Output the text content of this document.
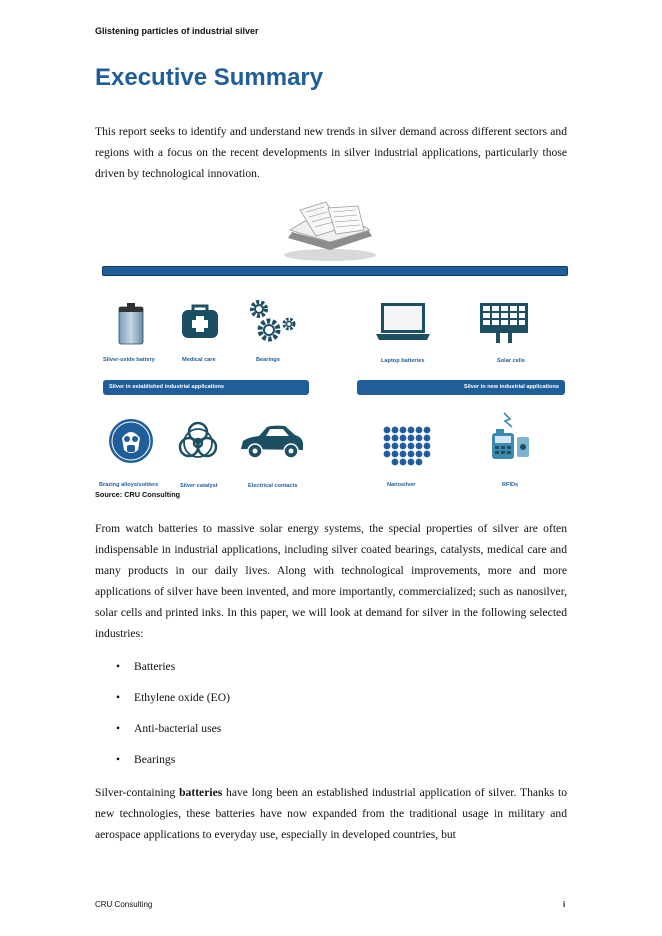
Glistening particles of industrial silver
Executive Summary

This report seeks to identify and understand new trends in silver demand across different sectors and regions with a focus on the recent developments in silver industrial applications, particularly those driven by technological innovation.

Silver-oxide battery	Medical care	Bearings	Laptop batteries	Solar cells
Silver in established industrial applications	Silver in new industrial applications
Brazing alloys/solders	Silver catalyst	Electrical contacts	Nanosilver	RFIDs
Source: CRU Consulting

From watch batteries to massive solar energy systems, the special properties of silver are often indispensable in industrial applications, including silver coated bearings, catalysts, medical care and many products in our daily lives. Along with technological improvements, more and more applications of silver have been invented, and more importantly, commercialized; such as nanosilver, solar cells and printed inks. In this paper, we will look at demand for silver in the following selected industries:

• Batteries
• Ethylene oxide (EO)
• Anti-bacterial uses
• Bearings

Silver-containing batteries have long been an established industrial application of silver. Thanks to new technologies, these batteries have now expanded from the traditional usage in military and aerospace applications to everyday use, especially in developed countries, but

CRU Consulting	i
